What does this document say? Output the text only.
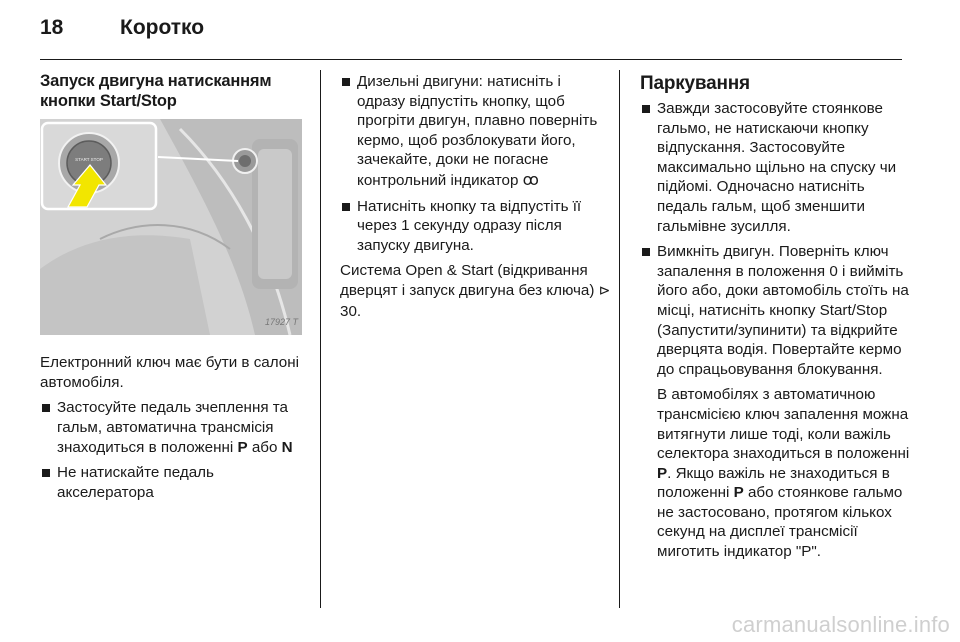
18	Коротко
Запуск двигуна натисканням кнопки Start/Stop
START STOP
17927 T

Електронний ключ має бути в салоні автомобіля.

Застосуйте педаль зчеплення та гальм, автоматична трансмісія знаходиться в положенні P або N
Не натискайте педаль акселератора
Дизельні двигуни: натисніть і одразу відпустіть кнопку, щоб прогріти двигун, плавно поверніть кермо, щоб розблокувати його, зачекайте, доки не погасне контрольний індикатор ꝏ
Натисніть кнопку та відпустіть її через 1 секунду одразу після запуску двигуна.

Система Open & Start (відкривання дверцят і запуск двигуна без ключа) ⊳ 30.

Паркування
Завжди застосовуйте стоянкове гальмо, не натискаючи кнопку відпускання. Застосовуйте максимально щільно на спуску чи підйомі. Одночасно натисніть педаль гальм, щоб зменшити гальмівне зусилля.
Вимкніть двигун. Поверніть ключ запалення в положення 0 і вийміть його або, доки автомобіль стоїть на місці, натисніть кнопку Start/Stop (Запустити/зупинити) та відкрийте дверцята водія. Повертайте кермо до спрацьовування блокування.
В автомобілях з автоматичною трансмісією ключ запалення можна витягнути лише тоді, коли важіль селектора знаходиться в положенні P. Якщо важіль не знаходиться в положенні P або стоянкове гальмо не застосовано, протягом кількох секунд на дисплеї трансмісії миготить індикатор "P".
carmanualsonline.info
